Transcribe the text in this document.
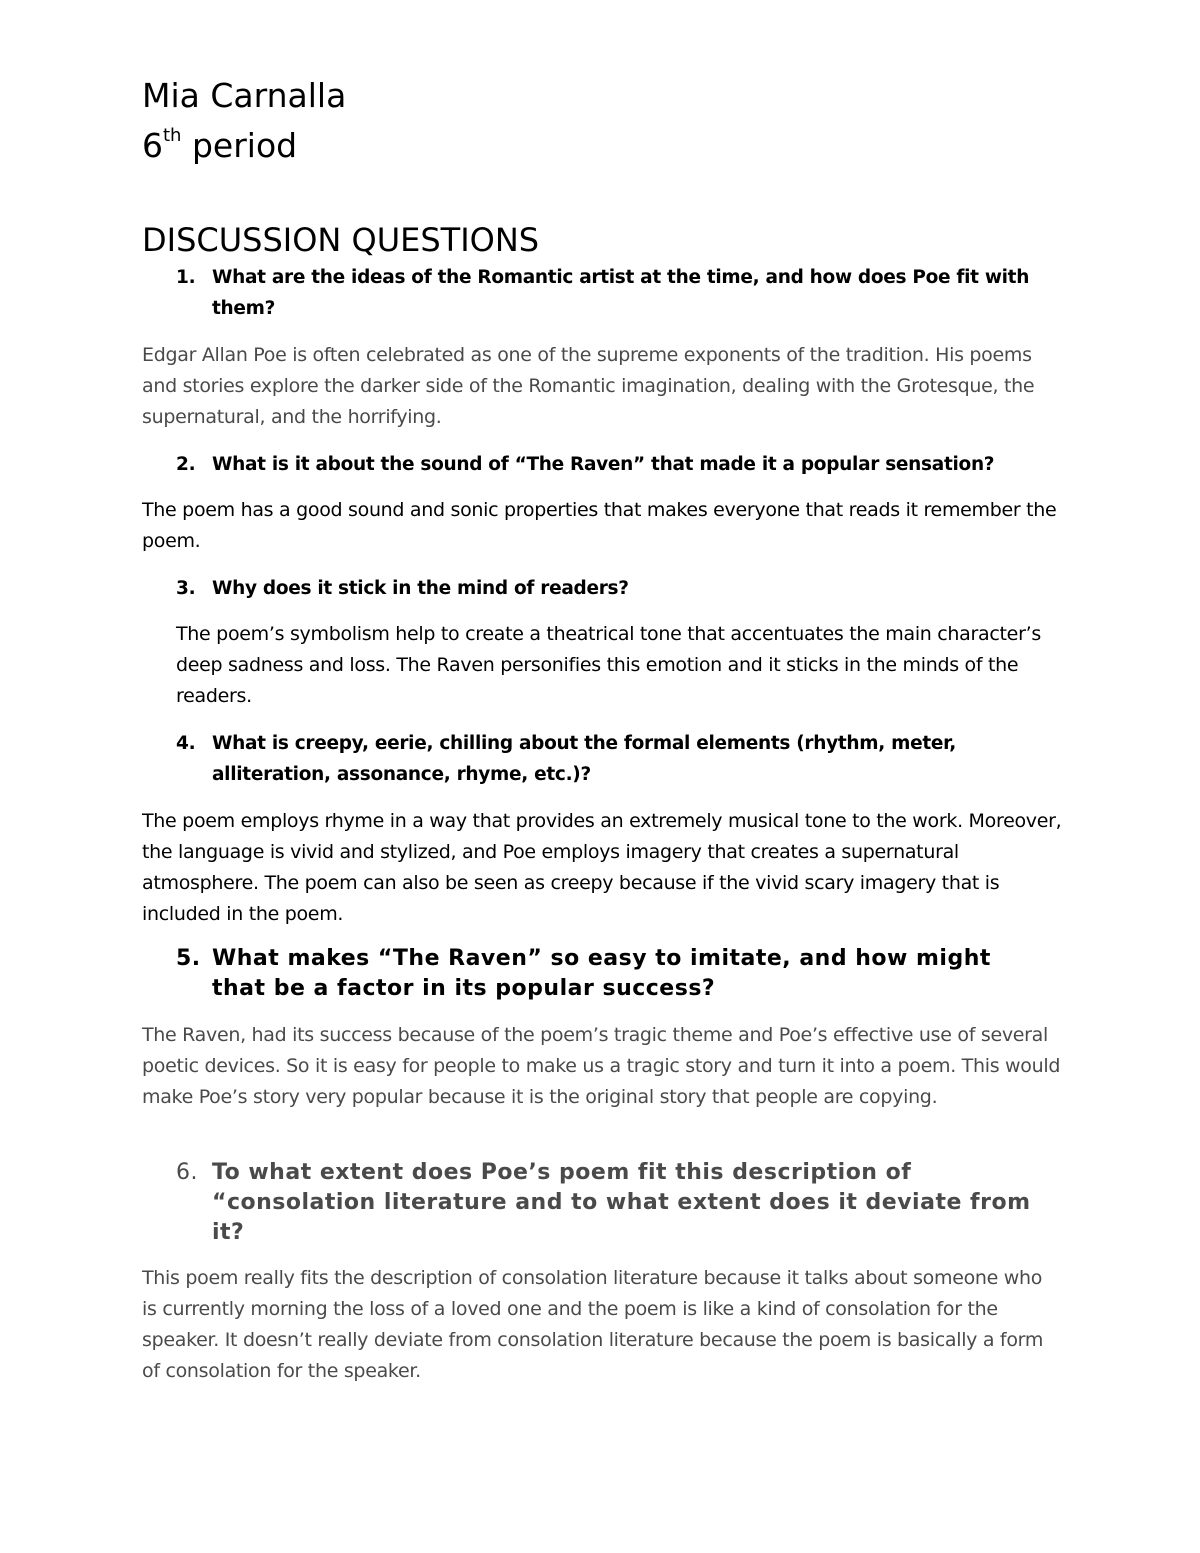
Mia Carnalla
6th period
DISCUSSION QUESTIONS
1. What are the ideas of the Romantic artist at the time, and how does Poe fit with them?
Edgar Allan Poe is often celebrated as one of the supreme exponents of the tradition. His poems and stories explore the darker side of the Romantic imagination, dealing with the Grotesque, the supernatural, and the horrifying.
2. What is it about the sound of “The Raven” that made it a popular sensation?
The poem has a good sound and sonic properties that makes everyone that reads it remember the poem.
3. Why does it stick in the mind of readers?
The poem’s symbolism help to create a theatrical tone that accentuates the main character’s deep sadness and loss. The Raven personifies this emotion and it sticks in the minds of the readers.
4. What is creepy, eerie, chilling about the formal elements (rhythm, meter, alliteration, assonance, rhyme, etc.)?
The poem employs rhyme in a way that provides an extremely musical tone to the work. Moreover, the language is vivid and stylized, and Poe employs imagery that creates a supernatural atmosphere. The poem can also be seen as creepy because if the vivid scary imagery that is included in the poem.
5. What makes “The Raven” so easy to imitate, and how might that be a factor in its popular success?
The Raven, had its success because of the poem’s tragic theme and Poe’s effective use of several poetic devices. So it is easy for people to make us a tragic story and turn it into a poem. This would make Poe’s story very popular because it is the original story that people are copying.
6. To what extent does Poe’s poem fit this description of “consolation literature and to what extent does it deviate from it?
This poem really fits the description of consolation literature because it talks about someone who is currently morning the loss of a loved one and the poem is like a kind of consolation for the speaker. It doesn’t really deviate from consolation literature because the poem is basically a form of consolation for the speaker.
